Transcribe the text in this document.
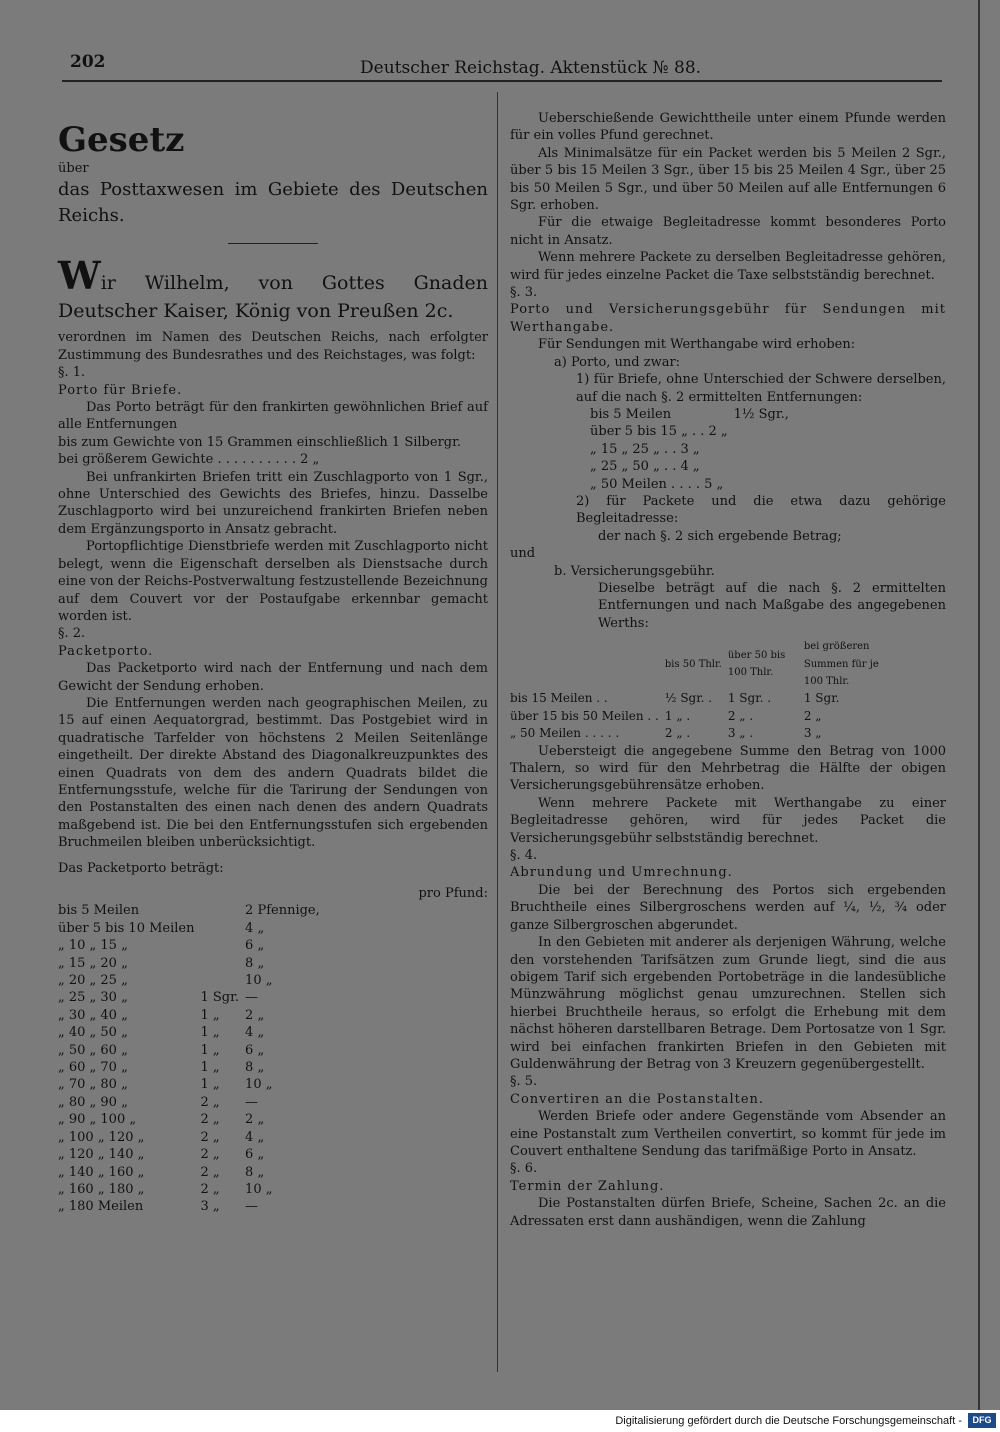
202	Deutscher Reichstag. Aktenstück № 88.

Gesetz

über

das Posttaxwesen im Gebiete des Deutschen Reichs.

Wir Wilhelm, von Gottes Gnaden Deutscher Kaiser, König von Preußen 2c.

verordnen im Namen des Deutschen Reichs, nach erfolgter Zustimmung des Bundesrathes und des Reichstages, was folgt:

§. 1.

Porto für Briefe.

Das Porto beträgt für den frankirten gewöhnlichen Brief auf alle Entfernungen

bis zum Gewichte von 15 Grammen einschließlich 1 Silbergr.

bei größerem Gewichte . . . . . . . . . . 2 „

Bei unfrankirten Briefen tritt ein Zuschlagporto von 1 Sgr., ohne Unterschied des Gewichts des Briefes, hinzu. Dasselbe Zuschlagporto wird bei unzureichend frankirten Briefen neben dem Ergänzungsporto in Ansatz gebracht.

Portopflichtige Dienstbriefe werden mit Zuschlagporto nicht belegt, wenn die Eigenschaft derselben als Dienstsache durch eine von der Reichs-Postverwaltung festzustellende Bezeichnung auf dem Couvert vor der Postaufgabe erkennbar gemacht worden ist.

§. 2.

Packetporto.

Das Packetporto wird nach der Entfernung und nach dem Gewicht der Sendung erhoben.

Die Entfernungen werden nach geographischen Meilen, zu 15 auf einen Aequatorgrad, bestimmt. Das Postgebiet wird in quadratische Tarfelder von höchstens 2 Meilen Seitenlänge eingetheilt. Der direkte Abstand des Diagonalkreuzpunktes des einen Quadrats von dem des andern Quadrats bildet die Entfernungsstufe, welche für die Tarirung der Sendungen von den Postanstalten des einen nach denen des andern Quadrats maßgebend ist. Die bei den Entfernungsstufen sich ergebenden Bruchmeilen bleiben unberücksichtigt.

Das Packetporto beträgt:

pro Pfund:

bis 5 Meilen		2 Pfennige,
über 5 bis 10 Meilen		4 „
„ 10 „ 15 „		6 „
„ 15 „ 20 „		8 „
„ 20 „ 25 „		10 „
„ 25 „ 30 „	1 Sgr.	—
„ 30 „ 40 „	1 „	2 „
„ 40 „ 50 „	1 „	4 „
„ 50 „ 60 „	1 „	6 „
„ 60 „ 70 „	1 „	8 „
„ 70 „ 80 „	1 „	10 „
„ 80 „ 90 „	2 „	—
„ 90 „ 100 „	2 „	2 „
„ 100 „ 120 „	2 „	4 „
„ 120 „ 140 „	2 „	6 „
„ 140 „ 160 „	2 „	8 „
„ 160 „ 180 „	2 „	10 „
„ 180 Meilen	3 „	—

Ueberschießende Gewichttheile unter einem Pfunde werden für ein volles Pfund gerechnet.

Als Minimalsätze für ein Packet werden bis 5 Meilen 2 Sgr., über 5 bis 15 Meilen 3 Sgr., über 15 bis 25 Meilen 4 Sgr., über 25 bis 50 Meilen 5 Sgr., und über 50 Meilen auf alle Entfernungen 6 Sgr. erhoben.

Für die etwaige Begleitadresse kommt besonderes Porto nicht in Ansatz.

Wenn mehrere Packete zu derselben Begleitadresse gehören, wird für jedes einzelne Packet die Taxe selbstständig berechnet.

§. 3.

Porto und Versicherungsgebühr für Sendungen mit Werthangabe.

Für Sendungen mit Werthangabe wird erhoben:

a) Porto, und zwar:

1) für Briefe, ohne Unterschied der Schwere derselben, auf die nach §. 2 ermittelten Entfernungen:

bis 5 Meilen	1½ Sgr.,
über 5 bis 15 „ . . 2 „	
„ 15 „ 25 „ . . 3 „	
„ 25 „ 50 „ . . 4 „	
„ 50 Meilen . . . . 5 „	

2) für Packete und die etwa dazu gehörige Begleitadresse:

der nach §. 2 sich ergebende Betrag;

und

b. Versicherungsgebühr.

Dieselbe beträgt auf die nach §. 2 ermittelten Entfernungen und nach Maßgabe des angegebenen Werths:

	bis 50 Thlr.	über 50 bis 100 Thlr.	bei größeren Summen für je 100 Thlr.
bis 15 Meilen . .	½ Sgr. .	1 Sgr. .	1 Sgr.
über 15 bis 50 Meilen . .	1 „ .	2 „ .	2 „
„ 50 Meilen . . . . .	2 „ .	3 „ .	3 „

Uebersteigt die angegebene Summe den Betrag von 1000 Thalern, so wird für den Mehrbetrag die Hälfte der obigen Versicherungsgebührensätze erhoben.

Wenn mehrere Packete mit Werthangabe zu einer Begleitadresse gehören, wird für jedes Packet die Versicherungsgebühr selbstständig berechnet.

§. 4.

Abrundung und Umrechnung.

Die bei der Berechnung des Portos sich ergebenden Bruchtheile eines Silbergroschens werden auf ¼, ½, ¾ oder ganze Silbergroschen abgerundet.

In den Gebieten mit anderer als derjenigen Währung, welche den vorstehenden Tarifsätzen zum Grunde liegt, sind die aus obigem Tarif sich ergebenden Portobeträge in die landesübliche Münzwährung möglichst genau umzurechnen. Stellen sich hierbei Bruchtheile heraus, so erfolgt die Erhebung mit dem nächst höheren darstellbaren Betrage. Dem Portosatze von 1 Sgr. wird bei einfachen frankirten Briefen in den Gebieten mit Guldenwährung der Betrag von 3 Kreuzern gegenübergestellt.

§. 5.

Convertiren an die Postanstalten.

Werden Briefe oder andere Gegenstände vom Absender an eine Postanstalt zum Vertheilen convertirt, so kommt für jede im Couvert enthaltene Sendung das tarifmäßige Porto in Ansatz.

§. 6.

Termin der Zahlung.

Die Postanstalten dürfen Briefe, Scheine, Sachen 2c. an die Adressaten erst dann aushändigen, wenn die Zahlung

Digitalisierung gefördert durch die Deutsche Forschungsgemeinschaft -	DFG
